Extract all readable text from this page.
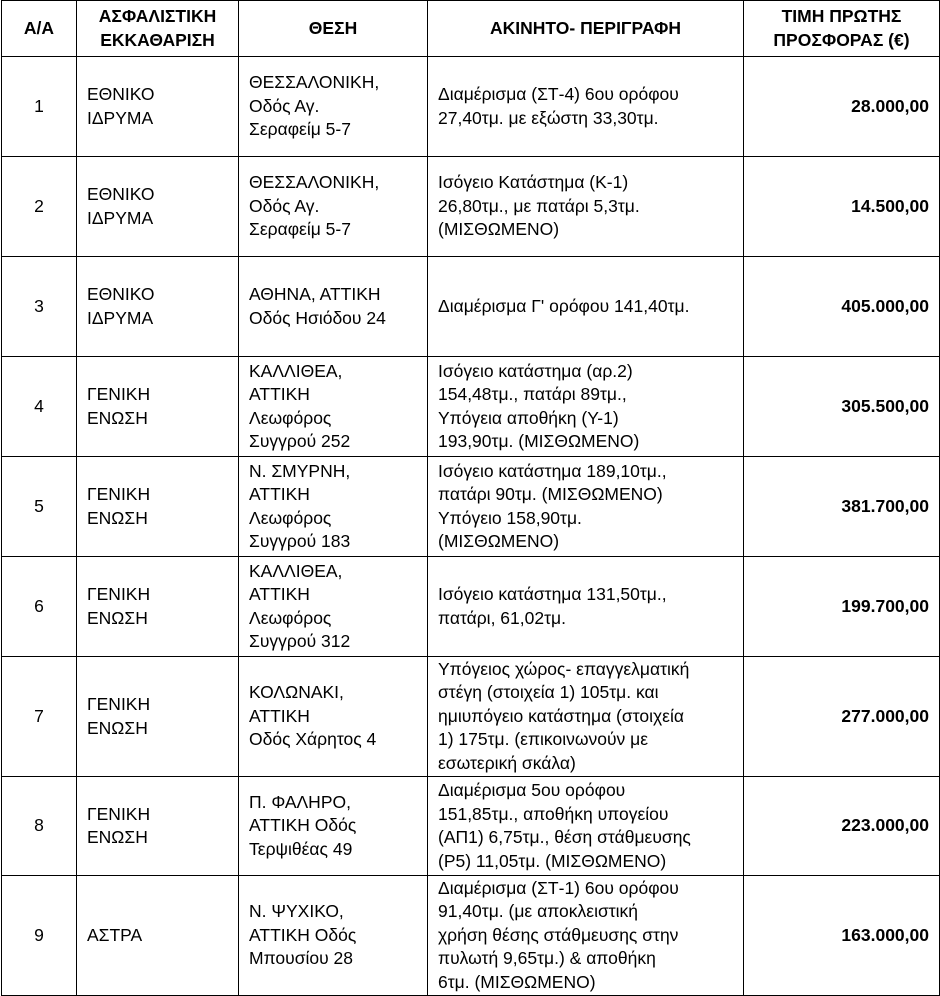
Α/Α	ΑΣΦΑΛΙΣΤΙΚΗ
ΕΚΚΑΘΑΡΙΣΗ	ΘΕΣΗ	ΑΚΙΝΗΤΟ- ΠΕΡΙΓΡΑΦΗ	ΤΙΜΗ ΠΡΩΤΗΣ
ΠΡΟΣΦΟΡΑΣ (€)
1	ΕΘΝΙΚΟ
ΙΔΡΥΜΑ	ΘΕΣΣΑΛΟΝΙΚΗ,
Οδός Αγ.
Σεραφείμ 5-7	Διαμέρισμα (ΣΤ-4) 6ου ορόφου
27,40τμ. με εξώστη 33,30τμ.	28.000,00
2	ΕΘΝΙΚΟ
ΙΔΡΥΜΑ	ΘΕΣΣΑΛΟΝΙΚΗ,
Οδός Αγ.
Σεραφείμ 5-7	Ισόγειο Κατάστημα (Κ-1)
26,80τμ., με πατάρι 5,3τμ.
(ΜΙΣΘΩΜΕΝΟ)	14.500,00
3	ΕΘΝΙΚΟ
ΙΔΡΥΜΑ	ΑΘΗΝΑ, ΑΤΤΙΚΗ
Οδός Ησιόδου 24	Διαμέρισμα Γ' ορόφου 141,40τμ.	405.000,00
4	ΓΕΝΙΚΗ
ΕΝΩΣΗ	ΚΑΛΛΙΘΕΑ,
ΑΤΤΙΚΗ
Λεωφόρος
Συγγρού 252	Ισόγειο κατάστημα (αρ.2)
154,48τμ., πατάρι 89τμ.,
Υπόγεια αποθήκη (Υ-1)
193,90τμ. (ΜΙΣΘΩΜΕΝΟ)	305.500,00
5	ΓΕΝΙΚΗ
ΕΝΩΣΗ	Ν. ΣΜΥΡΝΗ,
ΑΤΤΙΚΗ
Λεωφόρος
Συγγρού 183	Ισόγειο κατάστημα 189,10τμ.,
πατάρι 90τμ. (ΜΙΣΘΩΜΕΝΟ)
Υπόγειο 158,90τμ.
(ΜΙΣΘΩΜΕΝΟ)	381.700,00
6	ΓΕΝΙΚΗ
ΕΝΩΣΗ	ΚΑΛΛΙΘΕΑ,
ΑΤΤΙΚΗ
Λεωφόρος
Συγγρού 312	Ισόγειο κατάστημα 131,50τμ.,
πατάρι, 61,02τμ.	199.700,00
7	ΓΕΝΙΚΗ
ΕΝΩΣΗ	ΚΟΛΩΝΑΚΙ,
ΑΤΤΙΚΗ
Οδός Χάρητος 4	Υπόγειος χώρος- επαγγελματική
στέγη (στοιχεία 1) 105τμ. και
ημιυπόγειο κατάστημα (στοιχεία
1) 175τμ. (επικοινωνούν με
εσωτερική σκάλα)	277.000,00
8	ΓΕΝΙΚΗ
ΕΝΩΣΗ	Π. ΦΑΛΗΡΟ,
ΑΤΤΙΚΗ Οδός
Τερψιθέας 49	Διαμέρισμα 5ου ορόφου
151,85τμ., αποθήκη υπογείου
(ΑΠ1) 6,75τμ., θέση στάθμευσης
(Ρ5) 11,05τμ. (ΜΙΣΘΩΜΕΝΟ)	223.000,00
9	ΑΣΤΡΑ	Ν. ΨΥΧΙΚΟ,
ΑΤΤΙΚΗ Οδός
Μπουσίου 28	Διαμέρισμα (ΣΤ-1) 6ου ορόφου
91,40τμ. (με αποκλειστική
χρήση θέσης στάθμευσης στην
πυλωτή 9,65τμ.) & αποθήκη
6τμ. (ΜΙΣΘΩΜΕΝΟ)	163.000,00
